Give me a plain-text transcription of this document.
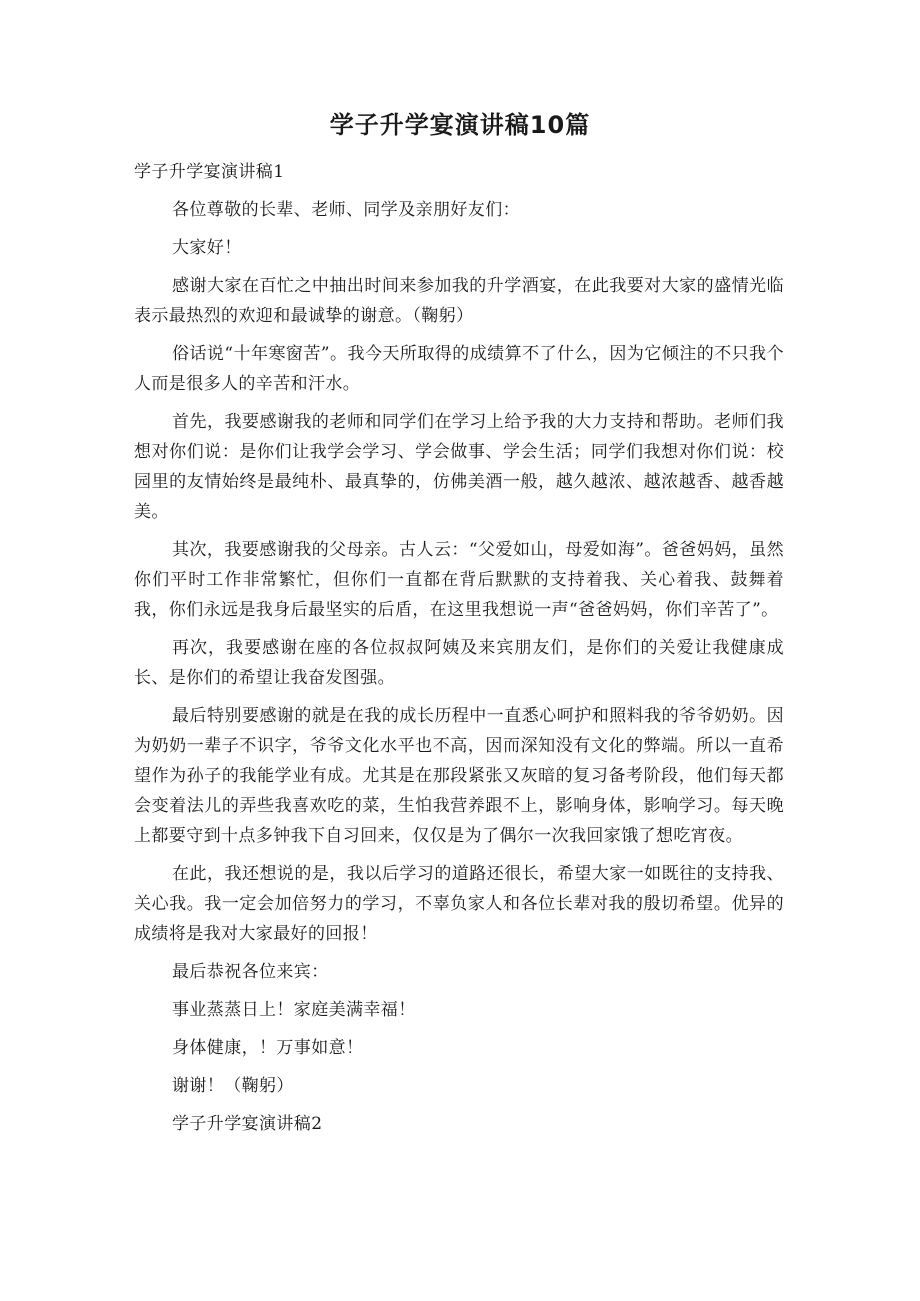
学子升学宴演讲稿10篇

学子升学宴演讲稿1

各位尊敬的长辈、老师、同学及亲朋好友们：

大家好！

感谢大家在百忙之中抽出时间来参加我的升学酒宴，在此我要对大家的盛情光临表示最热烈的欢迎和最诚挚的谢意。（鞠躬）

俗话说“十年寒窗苦”。我今天所取得的成绩算不了什么，因为它倾注的不只我个人而是很多人的辛苦和汗水。

首先，我要感谢我的老师和同学们在学习上给予我的大力支持和帮助。老师们我想对你们说：是你们让我学会学习、学会做事、学会生活；同学们我想对你们说：校园里的友情始终是最纯朴、最真挚的，仿佛美酒一般，越久越浓、越浓越香、越香越美。

其次，我要感谢我的父母亲。古人云：“父爱如山，母爱如海”。爸爸妈妈，虽然你们平时工作非常繁忙，但你们一直都在背后默默的支持着我、关心着我、鼓舞着我，你们永远是我身后最坚实的后盾，在这里我想说一声“爸爸妈妈，你们辛苦了”。

再次，我要感谢在座的各位叔叔阿姨及来宾朋友们，是你们的关爱让我健康成长、是你们的希望让我奋发图强。

最后特别要感谢的就是在我的成长历程中一直悉心呵护和照料我的爷爷奶奶。因为奶奶一辈子不识字，爷爷文化水平也不高，因而深知没有文化的弊端。所以一直希望作为孙子的我能学业有成。尤其是在那段紧张又灰暗的复习备考阶段，他们每天都会变着法儿的弄些我喜欢吃的菜，生怕我营养跟不上，影响身体，影响学习。每天晚上都要守到十点多钟我下自习回来，仅仅是为了偶尔一次我回家饿了想吃宵夜。

在此，我还想说的是，我以后学习的道路还很长，希望大家一如既往的支持我、关心我。我一定会加倍努力的学习，不辜负家人和各位长辈对我的殷切希望。优异的成绩将是我对大家最好的回报！

最后恭祝各位来宾：

事业蒸蒸日上！家庭美满幸福！

身体健康，！万事如意！

谢谢！（鞠躬）

学子升学宴演讲稿2
